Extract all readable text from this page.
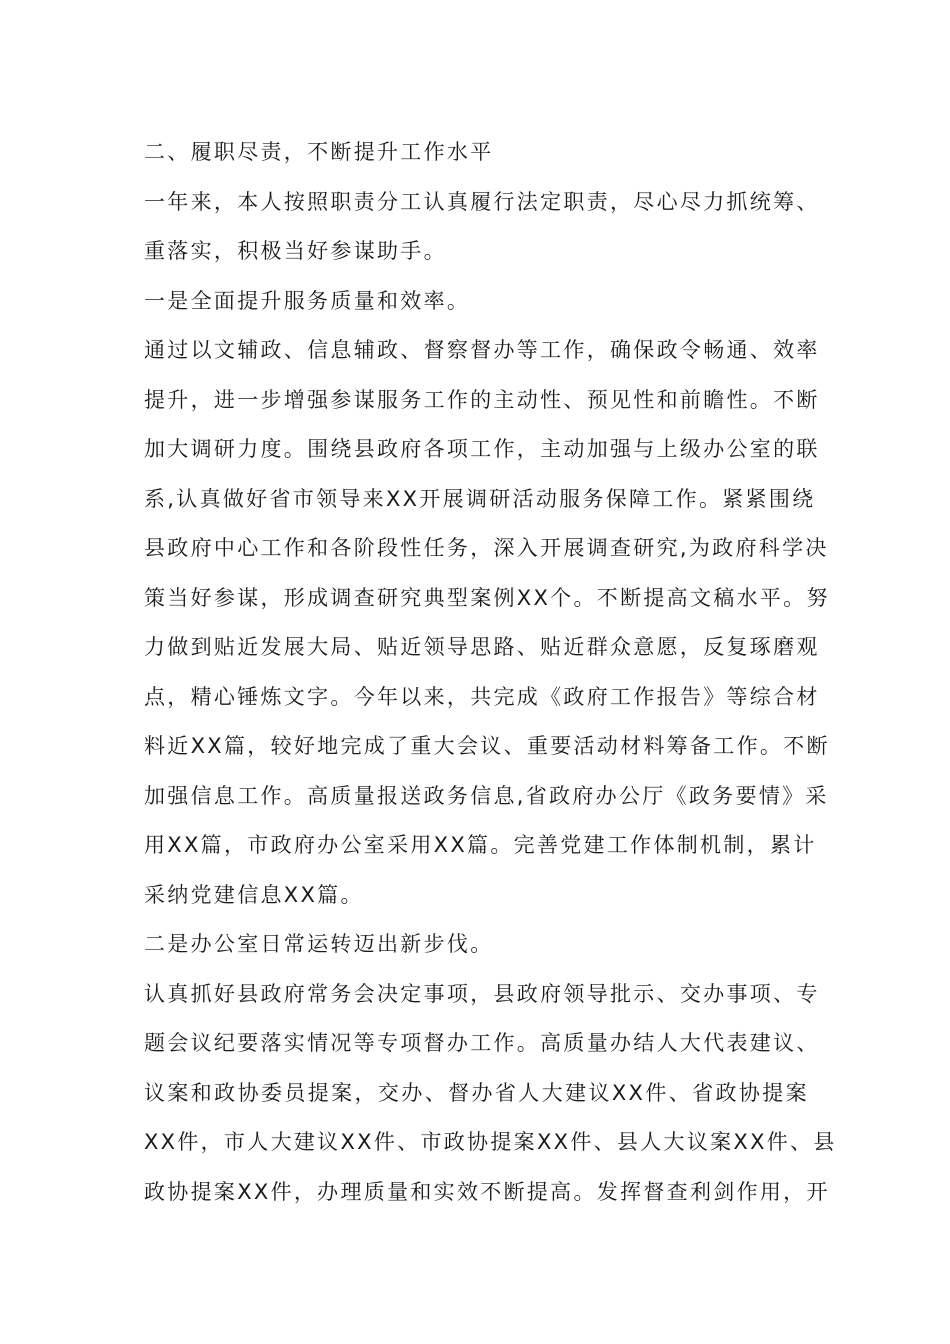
二、履职尽责，不断提升工作水平
一年来，本人按照职责分工认真履行法定职责，尽心尽力抓统筹、
重落实，积极当好参谋助手。
一是全面提升服务质量和效率。
通过以文辅政、信息辅政、督察督办等工作，确保政令畅通、效率
提升，进一步增强参谋服务工作的主动性、预见性和前瞻性。不断
加大调研力度。围绕县政府各项工作，主动加强与上级办公室的联
系,认真做好省市领导来XX开展调研活动服务保障工作。紧紧围绕
县政府中心工作和各阶段性任务，深入开展调查研究,为政府科学决
策当好参谋，形成调查研究典型案例XX个。不断提高文稿水平。努
力做到贴近发展大局、贴近领导思路、贴近群众意愿，反复琢磨观
点，精心锤炼文字。今年以来，共完成《政府工作报告》等综合材
料近XX篇，较好地完成了重大会议、重要活动材料筹备工作。不断
加强信息工作。高质量报送政务信息,省政府办公厅《政务要情》采
用XX篇，市政府办公室采用XX篇。完善党建工作体制机制，累计
采纳党建信息XX篇。
二是办公室日常运转迈出新步伐。
认真抓好县政府常务会决定事项，县政府领导批示、交办事项、专
题会议纪要落实情况等专项督办工作。高质量办结人大代表建议、
议案和政协委员提案，交办、督办省人大建议XX件、省政协提案
XX件，市人大建议XX件、市政协提案XX件、县人大议案XX件、县
政协提案XX件，办理质量和实效不断提高。发挥督查利剑作用，开
